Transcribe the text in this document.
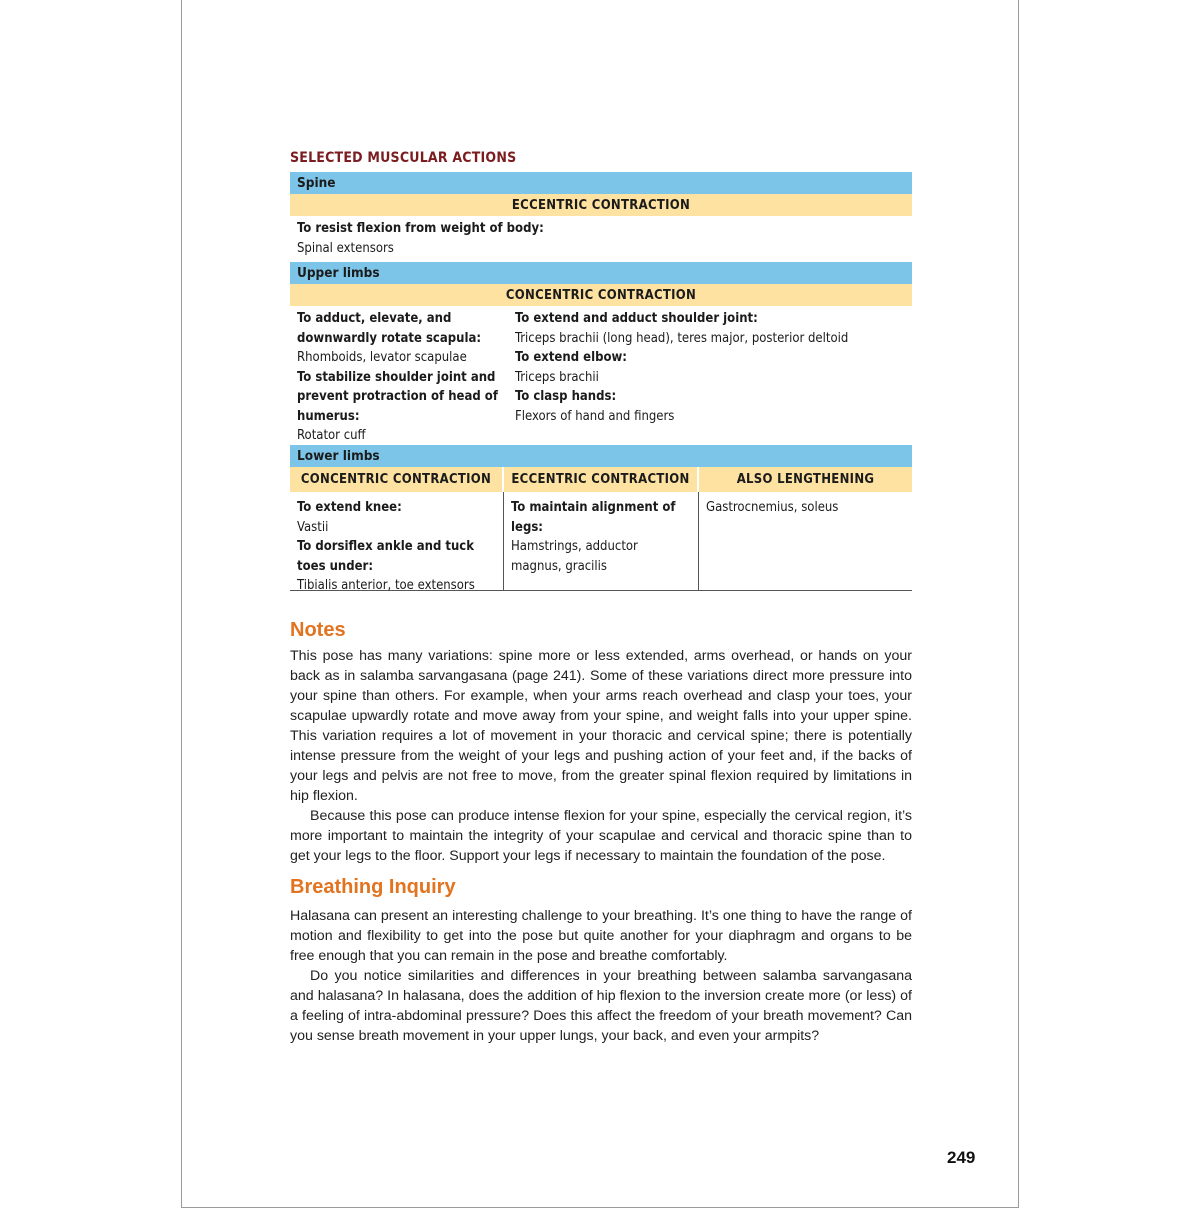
SELECTED MUSCULAR ACTIONS
Spine
ECCENTRIC CONTRACTION
To resist flexion from weight of body:
Spinal extensors
Upper limbs
CONCENTRIC CONTRACTION
To adduct, elevate, and downwardly rotate scapula:
Rhomboids, levator scapulae
To stabilize shoulder joint and prevent protraction of head of humerus:
Rotator cuff
To extend and adduct shoulder joint:
Triceps brachii (long head), teres major, posterior deltoid
To extend elbow:
Triceps brachii
To clasp hands:
Flexors of hand and fingers
Lower limbs
CONCENTRIC CONTRACTION	ECCENTRIC CONTRACTION	ALSO LENGTHENING
To extend knee:
Vastii
To dorsiflex ankle and tuck toes under:
Tibialis anterior, toe extensors
To maintain alignment of legs:
Hamstrings, adductor magnus, gracilis
Gastrocnemius, soleus
Notes

This pose has many variations: spine more or less extended, arms overhead, or hands on your back as in salamba sarvangasana (page 241). Some of these variations direct more pressure into your spine than others. For example, when your arms reach overhead and clasp your toes, your scapulae upwardly rotate and move away from your spine, and weight falls into your upper spine. This variation requires a lot of movement in your thoracic and cervical spine; there is potentially intense pressure from the weight of your legs and pushing action of your feet and, if the backs of your legs and pelvis are not free to move, from the greater spinal flexion required by limitations in hip flexion.

Because this pose can produce intense flexion for your spine, especially the cervical region, it’s more important to maintain the integrity of your scapulae and cervical and thoracic spine than to get your legs to the floor. Support your legs if necessary to maintain the foundation of the pose.

Breathing Inquiry

Halasana can present an interesting challenge to your breathing. It’s one thing to have the range of motion and flexibility to get into the pose but quite another for your diaphragm and organs to be free enough that you can remain in the pose and breathe comfortably.

Do you notice similarities and differences in your breathing between salamba sarvangasana and halasana? In halasana, does the addition of hip flexion to the inversion create more (or less) of a feeling of intra-abdominal pressure? Does this affect the freedom of your breath movement? Can you sense breath movement in your upper lungs, your back, and even your armpits?

249
